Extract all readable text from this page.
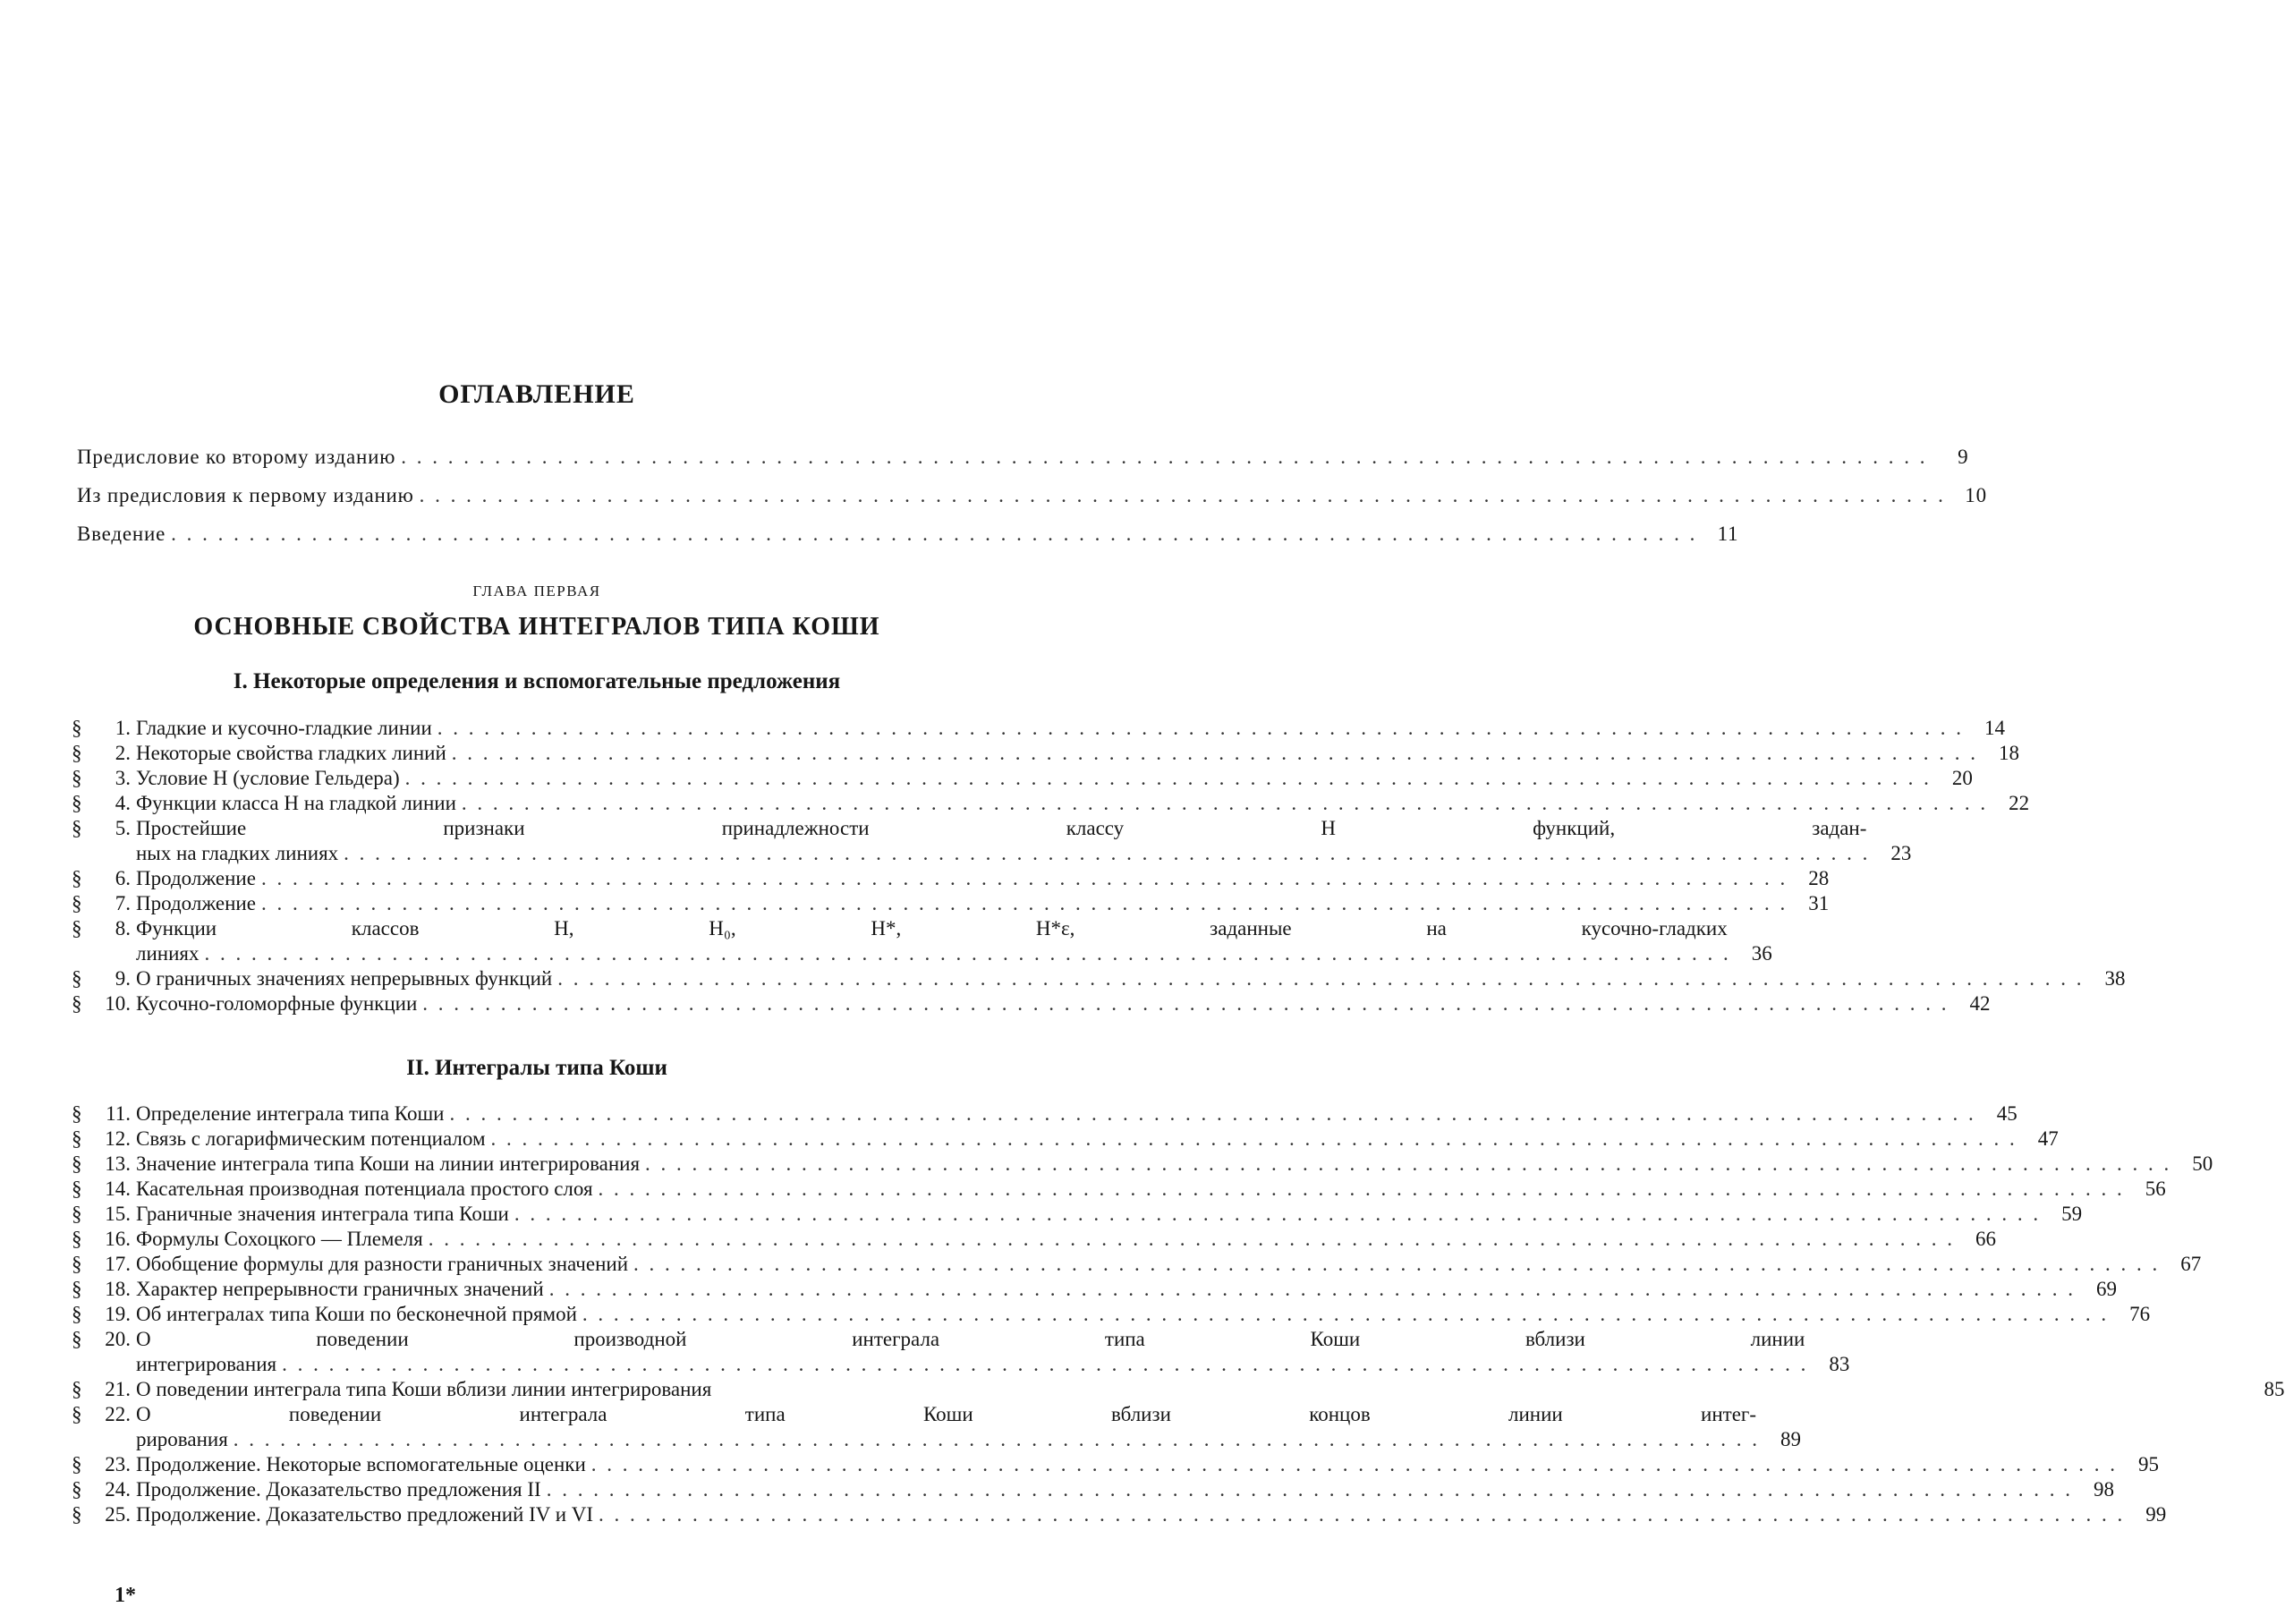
ОГЛАВЛЕНИЕ
Предисловие ко второму изданию . . .	9
Из предисловия к первому изданию . . .	10
Введение . . .	11
ГЛАВА ПЕРВАЯ
ОСНОВНЫЕ СВОЙСТВА ИНТЕГРАЛОВ ТИПА КОШИ
I. Некоторые определения и вспомогательные предложения
§	1. Гладкие и кусочно-гладкие линии . . .	14
§	2. Некоторые свойства гладких линий . . .	18
§	3. Условие H (условие Гельдера) . . .	20
§	4. Функции класса H на гладкой линии . . .	22
§	5. Простейшие признаки принадлежности классу H функций, задан-
ных на гладких линиях . . .	23
§	6. Продолжение . . .	28
§	7. Продолжение . . .	31
§	8. Функции классов H, H₀, H*, H*ε, заданные на кусочно-гладких
линиях . . .	36
§	9. О граничных значениях непрерывных функций . . .	38
§	10. Кусочно-голоморфные функции . . .	42
II. Интегралы типа Коши
§	11. Определение интеграла типа Коши . . .	45
§	12. Связь с логарифмическим потенциалом . . .	47
§	13. Значение интеграла типа Коши на линии интегрирования . . .	50
§	14. Касательная производная потенциала простого слоя . . .	56
§	15. Граничные значения интеграла типа Коши . . .	59
§	16. Формулы Сохоцкого — Племеля . . .	66
§	17. Обобщение формулы для разности граничных значений . . .	67
§	18. Характер непрерывности граничных значений . . .	69
§	19. Об интегралах типа Коши по бесконечной прямой . . .	76
§	20. О поведении производной интеграла типа Коши вблизи линии
интегрирования . . .	83
§	21. О поведении интеграла типа Коши вблизи линии интегрирования	85
§	22. О поведении интеграла типа Коши вблизи концов линии интег-
рирования . . .	89
§	23. Продолжение. Некоторые вспомогательные оценки . . .	95
§	24. Продолжение. Доказательство предложения II . . .	98
§	25. Продолжение. Доказательство предложений IV и VI . . .	99
1*
